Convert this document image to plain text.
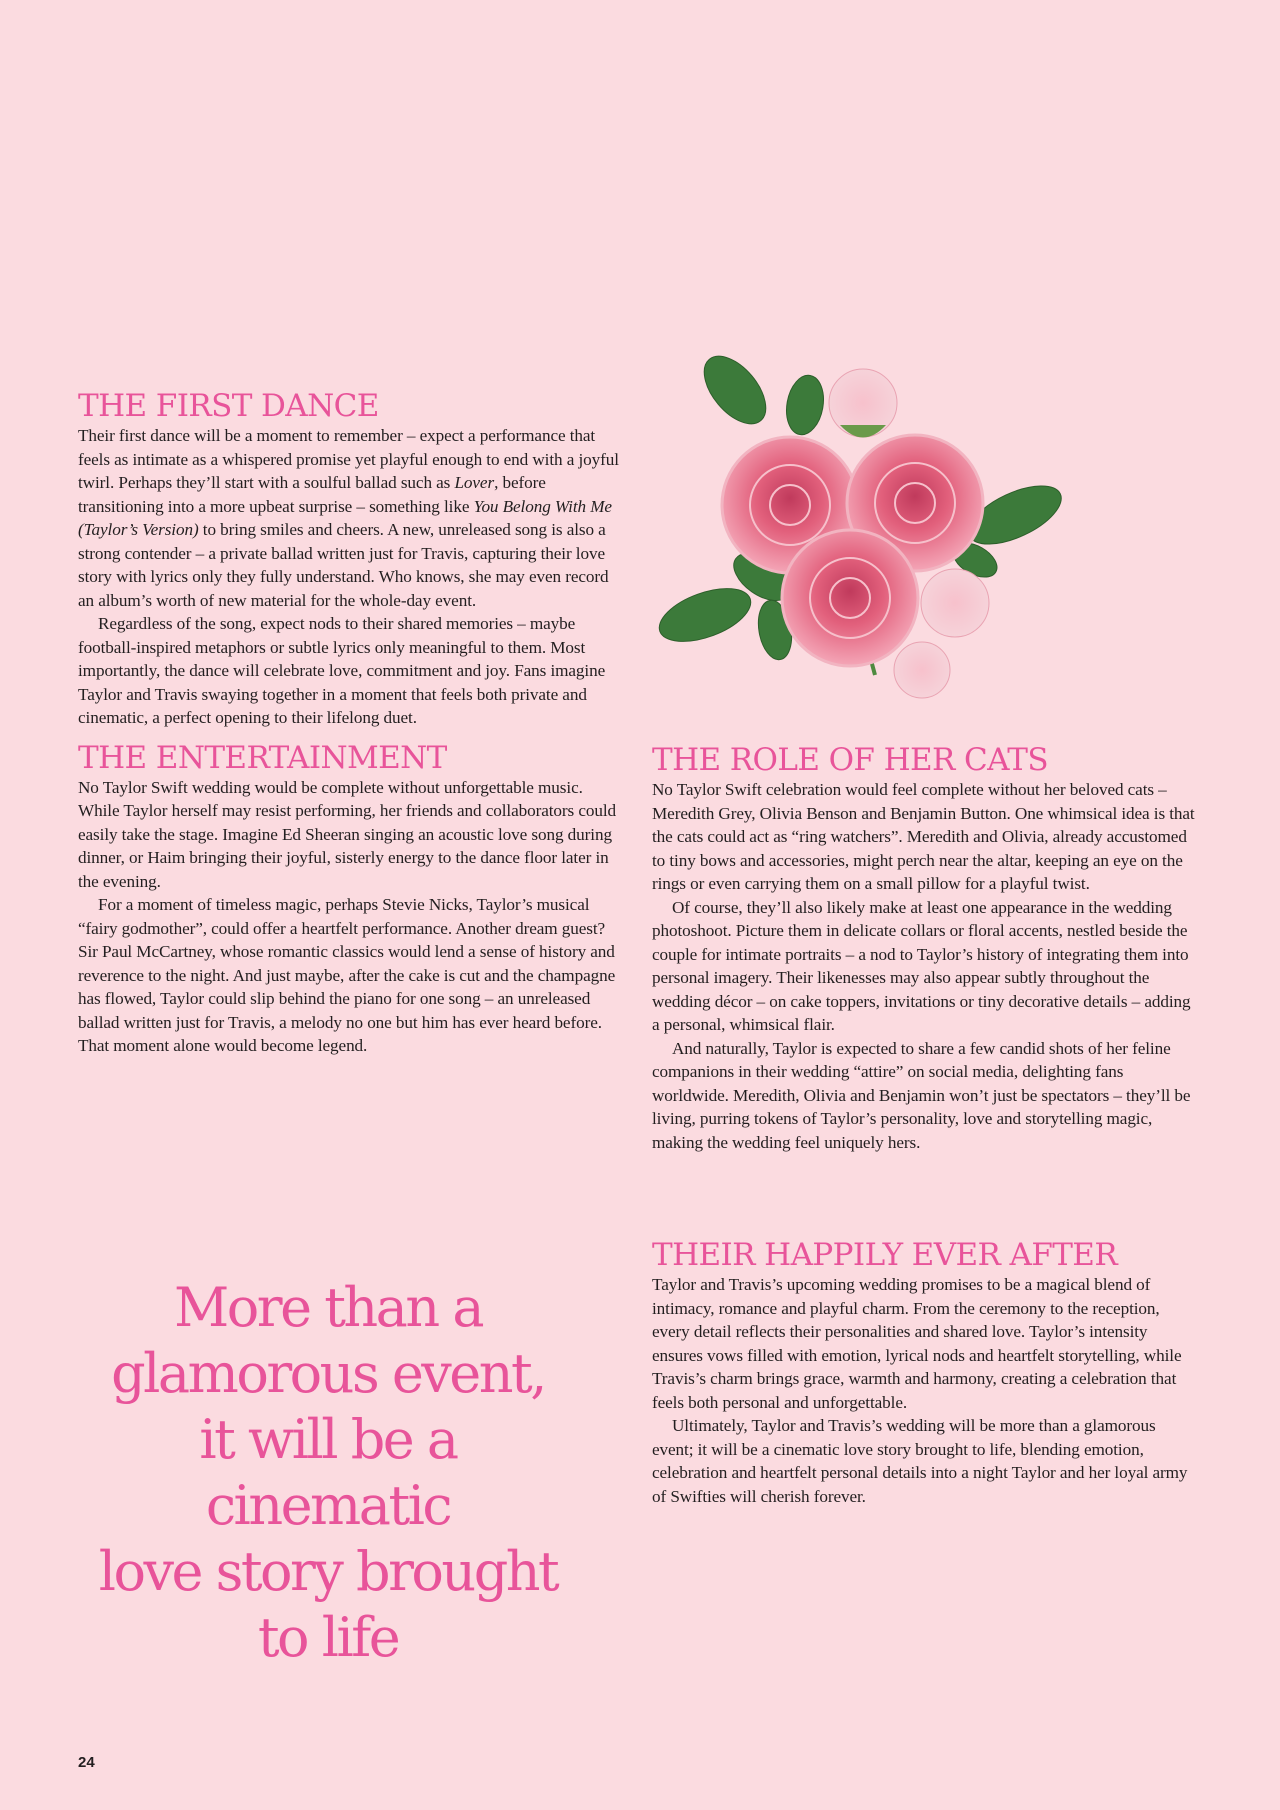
THE FIRST DANCE

Their first dance will be a moment to remember – expect a performance that feels as intimate as a whispered promise yet playful enough to end with a joyful twirl. Perhaps they’ll start with a soulful ballad such as Lover, before transitioning into a more upbeat surprise – something like You Belong With Me (Taylor’s Version) to bring smiles and cheers. A new, unreleased song is also a strong contender – a private ballad written just for Travis, capturing their love story with lyrics only they fully understand. Who knows, she may even record an album’s worth of new material for the whole-day event.

Regardless of the song, expect nods to their shared memories – maybe football-inspired metaphors or subtle lyrics only meaningful to them. Most importantly, the dance will celebrate love, commitment and joy. Fans imagine Taylor and Travis swaying together in a moment that feels both private and cinematic, a perfect opening to their lifelong duet.

THE ENTERTAINMENT

No Taylor Swift wedding would be complete without unforgettable music. While Taylor herself may resist performing, her friends and collaborators could easily take the stage. Imagine Ed Sheeran singing an acoustic love song during dinner, or Haim bringing their joyful, sisterly energy to the dance floor later in the evening.

For a moment of timeless magic, perhaps Stevie Nicks, Taylor’s musical “fairy godmother”, could offer a heartfelt performance. Another dream guest? Sir Paul McCartney, whose romantic classics would lend a sense of history and reverence to the night. And just maybe, after the cake is cut and the champagne has flowed, Taylor could slip behind the piano for one song – an unreleased ballad written just for Travis, a melody no one but him has ever heard before. That moment alone would become legend.

THE ROLE OF HER CATS

No Taylor Swift celebration would feel complete without her beloved cats – Meredith Grey, Olivia Benson and Benjamin Button. One whimsical idea is that the cats could act as “ring watchers”. Meredith and Olivia, already accustomed to tiny bows and accessories, might perch near the altar, keeping an eye on the rings or even carrying them on a small pillow for a playful twist.

Of course, they’ll also likely make at least one appearance in the wedding photoshoot. Picture them in delicate collars or floral accents, nestled beside the couple for intimate portraits – a nod to Taylor’s history of integrating them into personal imagery. Their likenesses may also appear subtly throughout the wedding décor – on cake toppers, invitations or tiny decorative details – adding a personal, whimsical flair.

And naturally, Taylor is expected to share a few candid shots of her feline companions in their wedding “attire” on social media, delighting fans worldwide. Meredith, Olivia and Benjamin won’t just be spectators – they’ll be living, purring tokens of Taylor’s personality, love and storytelling magic, making the wedding feel uniquely hers.

THEIR HAPPILY EVER AFTER

Taylor and Travis’s upcoming wedding promises to be a magical blend of intimacy, romance and playful charm. From the ceremony to the reception, every detail reflects their personalities and shared love. Taylor’s intensity ensures vows filled with emotion, lyrical nods and heartfelt storytelling, while Travis’s charm brings grace, warmth and harmony, creating a celebration that feels both personal and unforgettable.

Ultimately, Taylor and Travis’s wedding will be more than a glamorous event; it will be a cinematic love story brought to life, blending emotion, celebration and heartfelt personal details into a night Taylor and her loyal army of Swifties will cherish forever.

More than a
glamorous event,
it will be a cinematic
love story brought
to life
24
